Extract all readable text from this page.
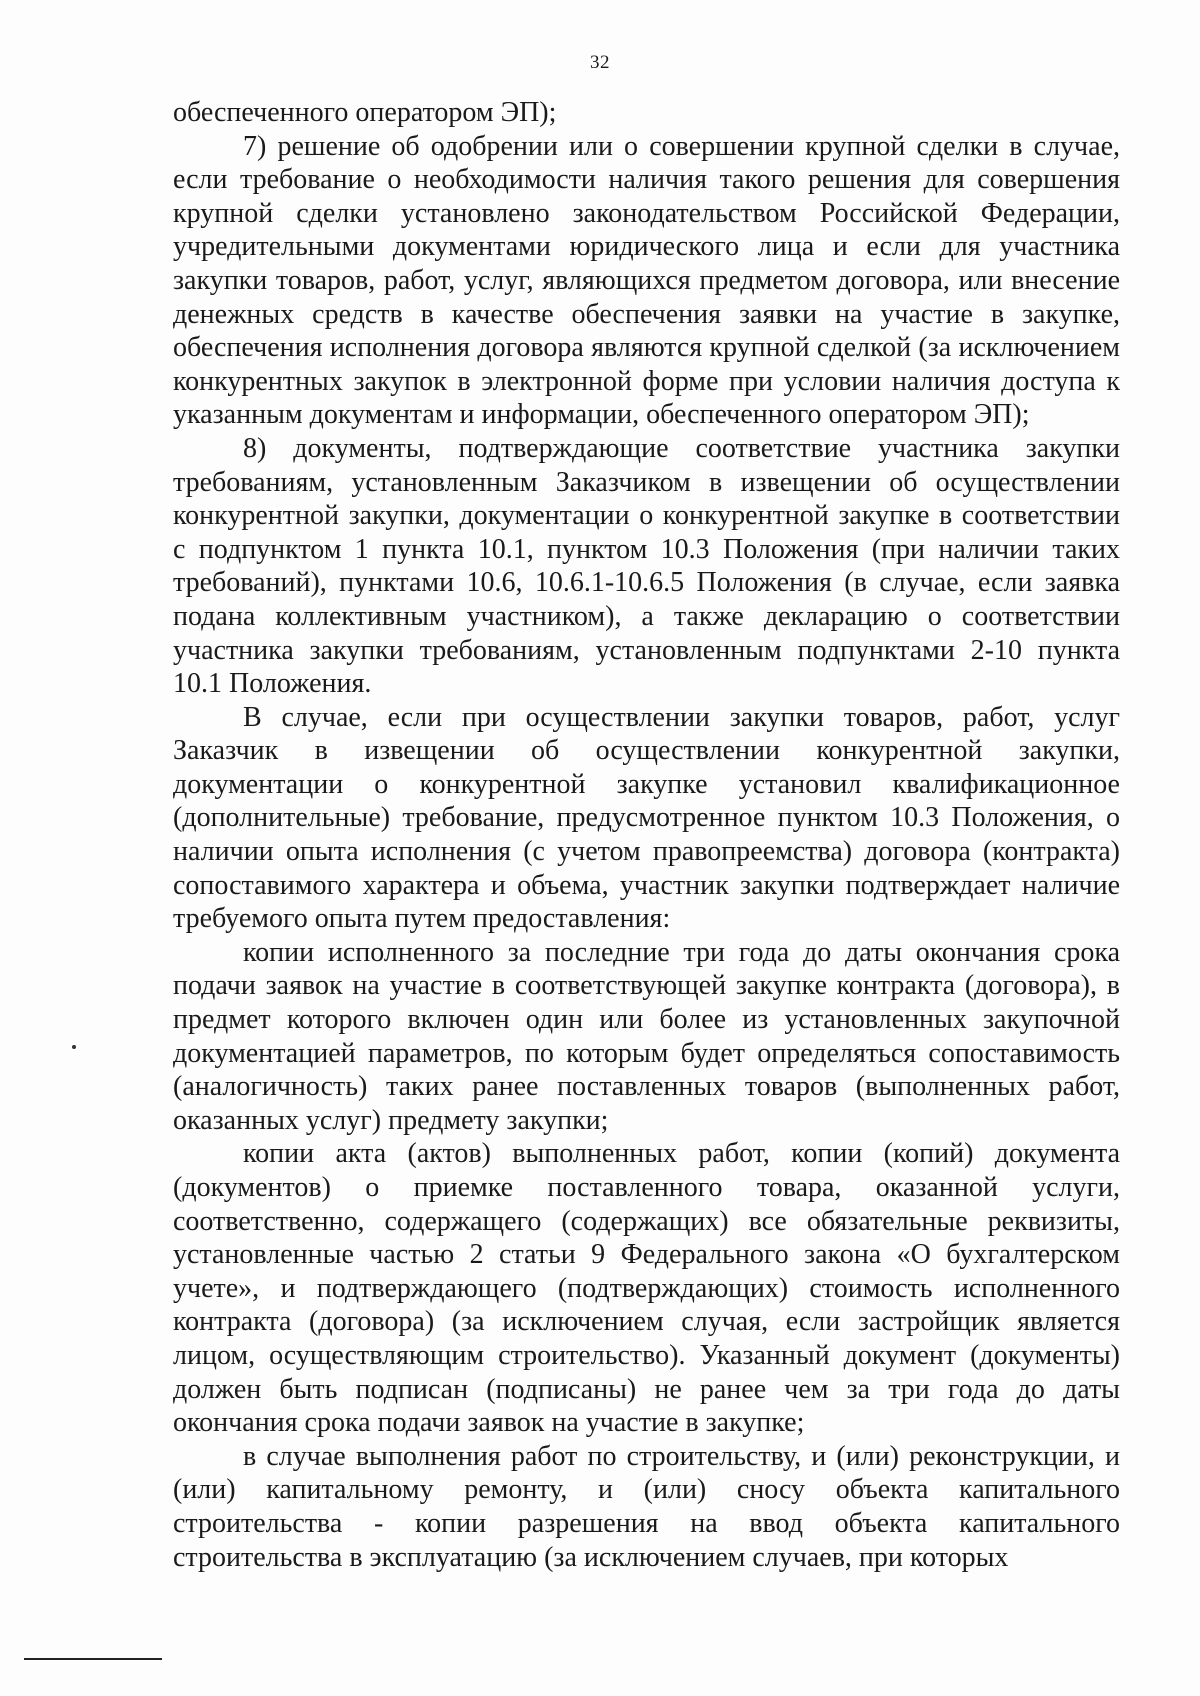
32

обеспеченного оператором ЭП);

7) решение об одобрении или о совершении крупной сделки в случае, если требование о необходимости наличия такого решения для совершения крупной сделки установлено законодательством Российской Федерации, учредительными документами юридического лица и если для участника закупки товаров, работ, услуг, являющихся предметом договора, или внесение денежных средств в качестве обеспечения заявки на участие в закупке, обеспечения исполнения договора являются крупной сделкой (за исключением конкурентных закупок в электронной форме при условии наличия доступа к указанным документам и информации, обеспеченного оператором ЭП);

8) документы, подтверждающие соответствие участника закупки требованиям, установленным Заказчиком в извещении об осуществлении конкурентной закупки, документации о конкурентной закупке в соответствии с подпунктом 1 пункта 10.1, пунктом 10.3 Положения (при наличии таких требований), пунктами 10.6, 10.6.1-10.6.5 Положения (в случае, если заявка подана коллективным участником), а также декларацию о соответствии участника закупки требованиям, установленным подпунктами 2-10 пункта 10.1 Положения.

В случае, если при осуществлении закупки товаров, работ, услуг Заказчик в извещении об осуществлении конкурентной закупки, документации о конкурентной закупке установил квалификационное (дополнительные) требование, предусмотренное пунктом 10.3 Положения, о наличии опыта исполнения (с учетом правопреемства) договора (контракта) сопоставимого характера и объема, участник закупки подтверждает наличие требуемого опыта путем предоставления:

копии исполненного за последние три года до даты окончания срока подачи заявок на участие в соответствующей закупке контракта (договора), в предмет которого включен один или более из установленных закупочной документацией параметров, по которым будет определяться сопоставимость (аналогичность) таких ранее поставленных товаров (выполненных работ, оказанных услуг) предмету закупки;

копии акта (актов) выполненных работ, копии (копий) документа (документов) о приемке поставленного товара, оказанной услуги, соответственно, содержащего (содержащих) все обязательные реквизиты, установленные частью 2 статьи 9 Федерального закона «О бухгалтерском учете», и подтверждающего (подтверждающих) стоимость исполненного контракта (договора) (за исключением случая, если застройщик является лицом, осуществляющим строительство). Указанный документ (документы) должен быть подписан (подписаны) не ранее чем за три года до даты окончания срока подачи заявок на участие в закупке;

в случае выполнения работ по строительству, и (или) реконструкции, и (или) капитальному ремонту, и (или) сносу объекта капитального строительства - копии разрешения на ввод объекта капитального строительства в эксплуатацию (за исключением случаев, при которых
